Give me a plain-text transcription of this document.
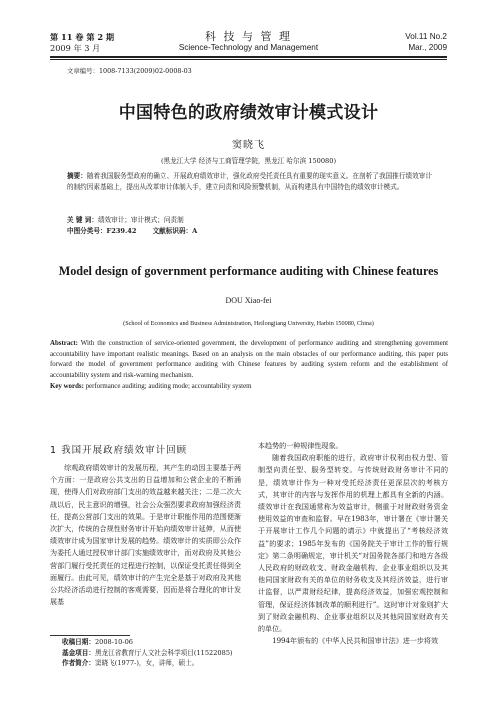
第 11 卷 第 2 期
2009 年 3 月
科 技 与 管 理
Science-Technology and Management
Vol.11 No.2
Mar., 2009
文章编号：1008-7133(2009)02-0008-03
中国特色的政府绩效审计模式设计
窦晓飞
(黑龙江大学 经济与工商管理学院，黑龙江 哈尔滨 150080)
摘要：随着我国服务型政府的确立、开展政府绩效审计，强化政府受托责任具有重要的现实意义。在剖析了我国推行绩效审计的制约因素基础上，提出从改革审计体制入手，建立问责和风险预警机制，从而构建具有中国特色的绩效审计模式。
关 键 词：绩效审计；审计模式；问责制
中图分类号：F239.42 文献标识码：A
Model design of government performance auditing with Chinese features
DOU Xiao-fei
(School of Economics and Business Administration, Heilongjiang University, Harbin 150080, China)
Abstract: With the construction of service-oriented government, the development of performance auditing and strengthening government accountability have important realistic meanings. Based on an analysis on the main obstacles of our performance auditing, this paper puts forward the model of government performance auditing with Chinese features by auditing system reform and the establishment of accountability system and risk-warning mechanism.
Key words: performance auditing; auditing mode; accountability system
1 我国开展政府绩效审计回顾

综观政府绩效审计的发展历程，其产生的动因主要基于两个方面：一是政府公共支出的日益增加和公营企业的不断涌现，使得人们对政府部门支出的效益越来越关注；二是二次大战以后，民主意识的增强，社会公众强烈要求政府加强经济责任，提高公营部门支出的效果。于是审计职能作用的范围便渐次扩大，传统的合规性财务审计开始向绩效审计延伸，从而使绩效审计成为国家审计发展的趋势。绩效审计的实质即公众作为委托人通过授权审计部门实施绩效审计，而对政府及其他公营部门履行受托责任的过程进行控制，以保证受托责任得到全面履行。由此可见，绩效审计的产生完全是基于对政府及其他公共经济活动进行控制的客观需要，因而是将合理化的审计发展基

收稿日期：2008-10-06
基金项目：黑龙江省教育厅人文社会科学项目(11522085)
作者简介：窦晓飞(1977-)，女，讲师，硕士。

本趋势的一种规律性现象。

随着我国政府职能的进行，政府审计权利由权力型、管制型向责任型、服务型转变。与传统财政财务审计不同的是，绩效审计作为一种对受托经济责任更深层次的考核方式，其审计的内容与发挥作用的机理上都具有全新的内涵。绩效审计在我国通常称为效益审计，侧重于对财政财务资金使用效益的审查和监督。早在1983年，审计署在《审计署关于开展审计工作几个问题的请示》中就提出了“考核经济效益”的要求；1985年发布的《国务院关于审计工作的暂行规定》第二条明确规定，审计机关“对国务院各部门和地方各级人民政府的财政收支、财政金融机构、企业事业组织以及其他同国家财政有关的单位的财务收支及其经济效益，进行审计监督，以严肃财经纪律，提高经济效益，加强宏观控制和管理，保证经济体制改革的顺利进行”。这时审计对象则扩大到了财政金融机构、企业事业组织以及其他同国家财政有关的单位。

1994年颁布的《中华人民共和国审计法》进一步将效
